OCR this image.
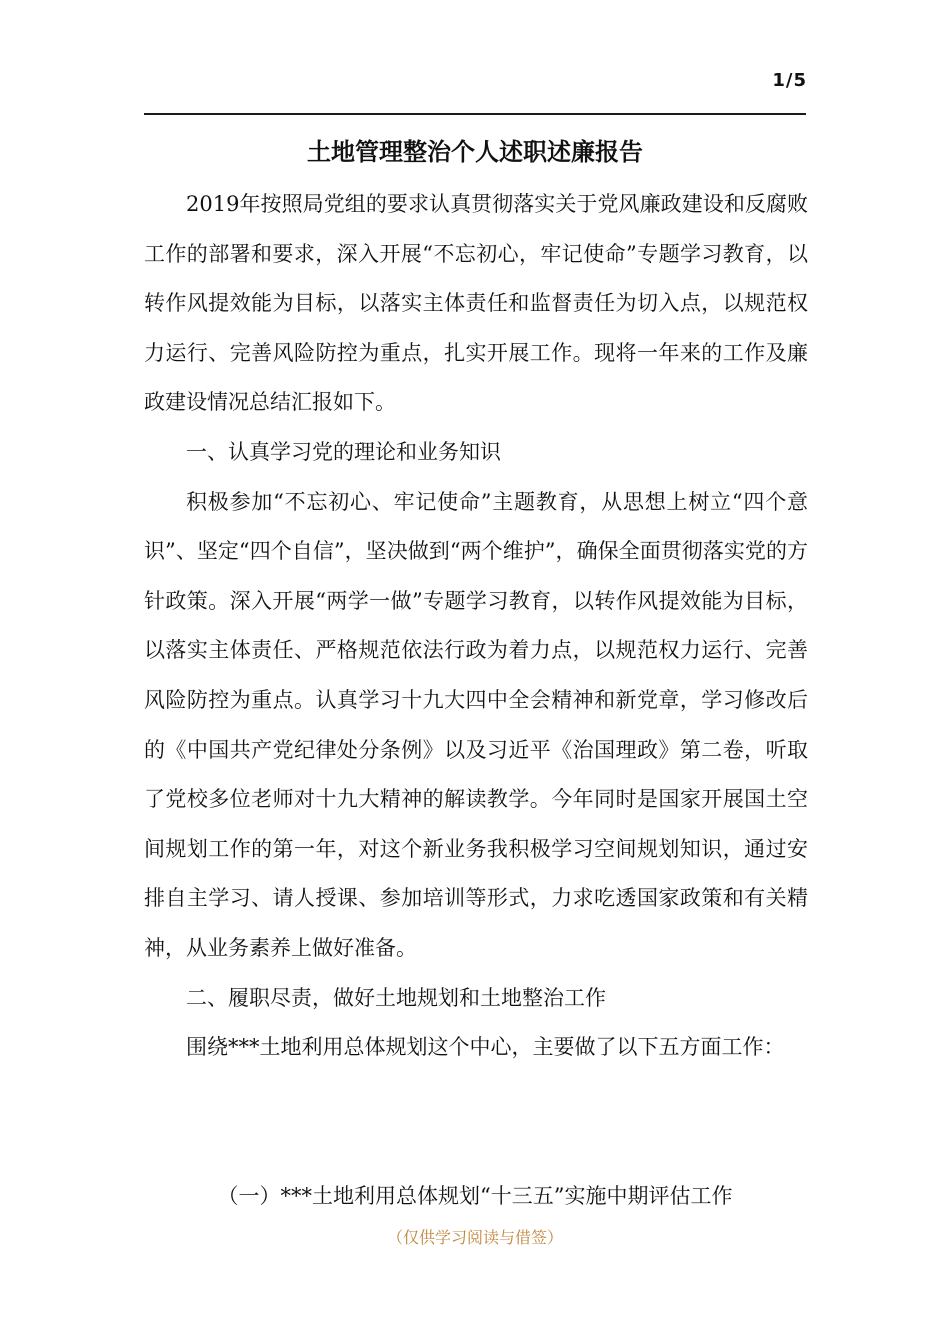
1/5
土地管理整治个人述职述廉报告

2019年按照局党组的要求认真贯彻落实关于党风廉政建设和反腐败工作的部署和要求，深入开展“不忘初心，牢记使命”专题学习教育，以转作风提效能为目标，以落实主体责任和监督责任为切入点，以规范权力运行、完善风险防控为重点，扎实开展工作。现将一年来的工作及廉政建设情况总结汇报如下。

一、认真学习党的理论和业务知识

积极参加“不忘初心、牢记使命”主题教育，从思想上树立“四个意识”、坚定“四个自信”，坚决做到“两个维护”，确保全面贯彻落实党的方针政策。深入开展“两学一做”专题学习教育，以转作风提效能为目标，以落实主体责任、严格规范依法行政为着力点，以规范权力运行、完善风险防控为重点。认真学习十九大四中全会精神和新党章，学习修改后的《中国共产党纪律处分条例》以及习近平《治国理政》第二卷，听取了党校多位老师对十九大精神的解读教学。今年同时是国家开展国土空间规划工作的第一年，对这个新业务我积极学习空间规划知识，通过安排自主学习、请人授课、参加培训等形式，力求吃透国家政策和有关精神，从业务素养上做好准备。

二、履职尽责，做好土地规划和土地整治工作

围绕***土地利用总体规划这个中心，主要做了以下五方面工作：

（一）***土地利用总体规划“十三五”实施中期评估工作

（仅供学习阅读与借签）
